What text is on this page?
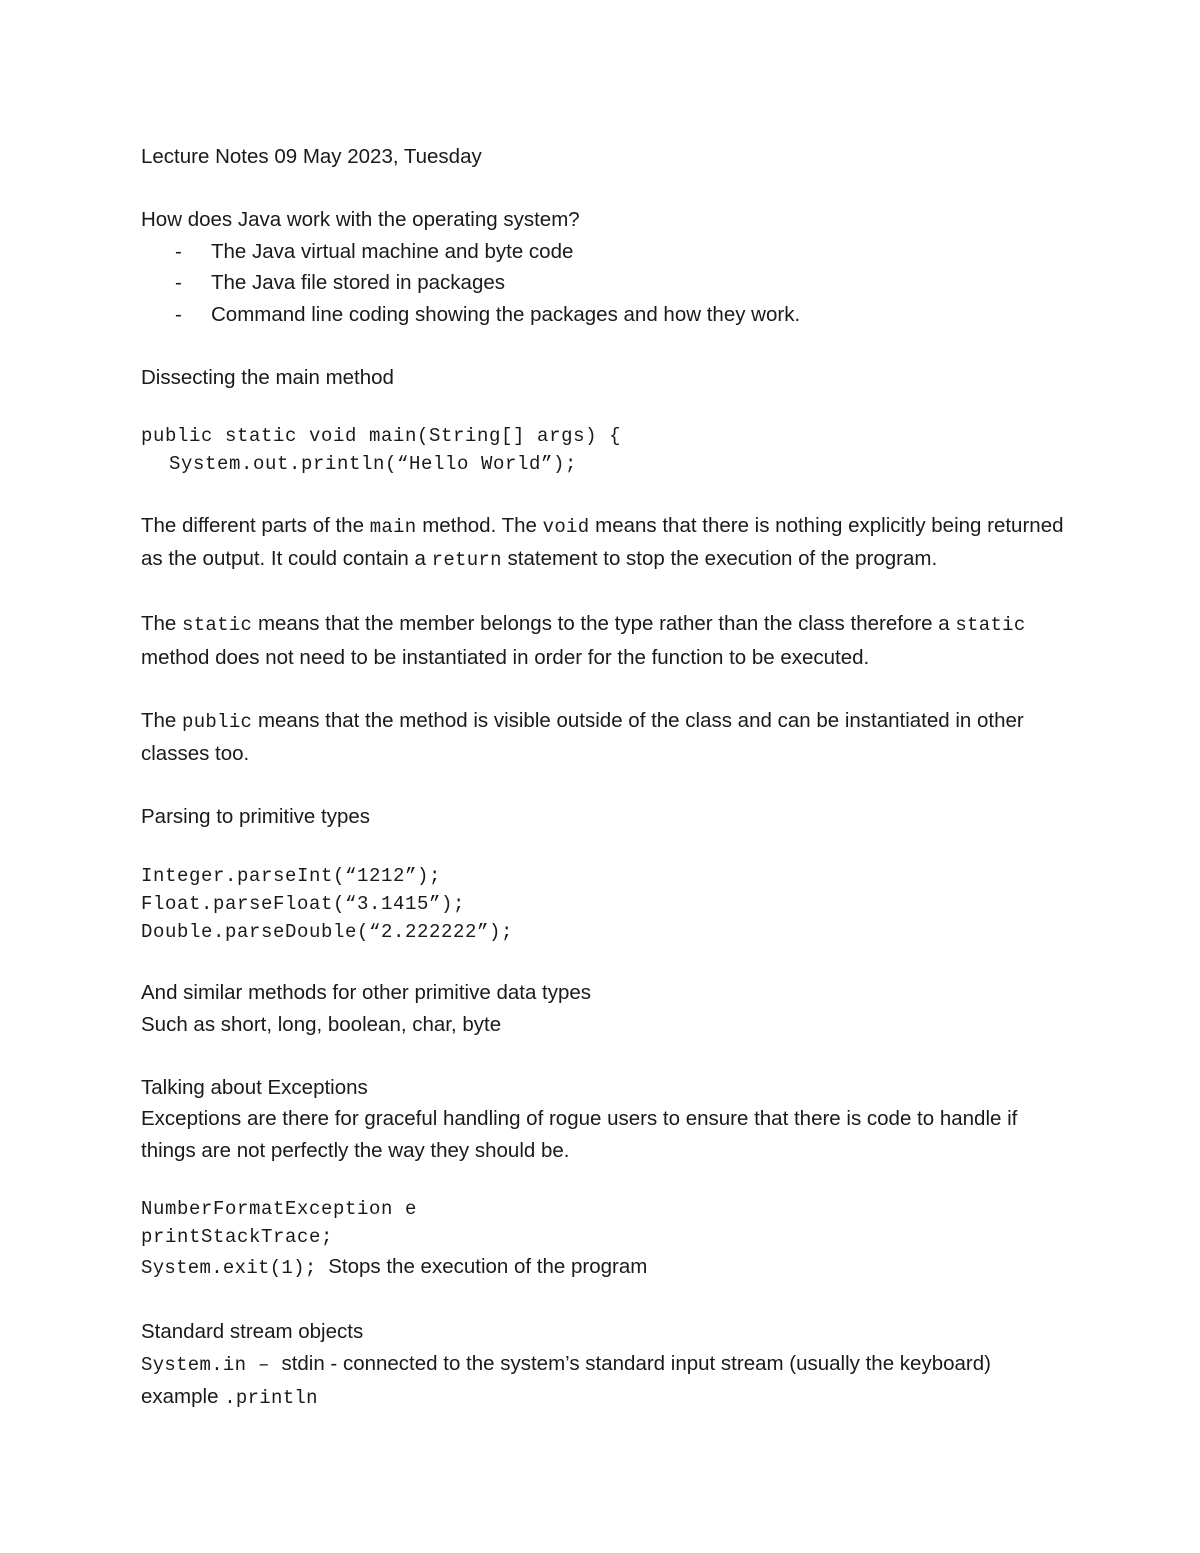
Lecture Notes 09 May 2023, Tuesday

How does Java work with the operating system?

- The Java virtual machine and byte code
- The Java file stored in packages
- Command line coding showing the packages and how they work.

Dissecting the main method

public static void main(String[] args) {

System.out.println(“Hello World”);

The different parts of the main method. The void means that there is nothing explicitly being returned as the output. It could contain a return statement to stop the execution of the program.

The static means that the member belongs to the type rather than the class therefore a static method does not need to be instantiated in order for the function to be executed.

The public means that the method is visible outside of the class and can be instantiated in other classes too.

Parsing to primitive types

Integer.parseInt(“1212”);

Float.parseFloat(“3.1415”);

Double.parseDouble(“2.222222”);

And similar methods for other primitive data types

Such as short, long, boolean, char, byte

Talking about Exceptions

Exceptions are there for graceful handling of rogue users to ensure that there is code to handle if things are not perfectly the way they should be.

NumberFormatException e

printStackTrace;

System.exit(1); Stops the execution of the program

Standard stream objects

System.in – stdin - connected to the system’s standard input stream (usually the keyboard)

example .println
